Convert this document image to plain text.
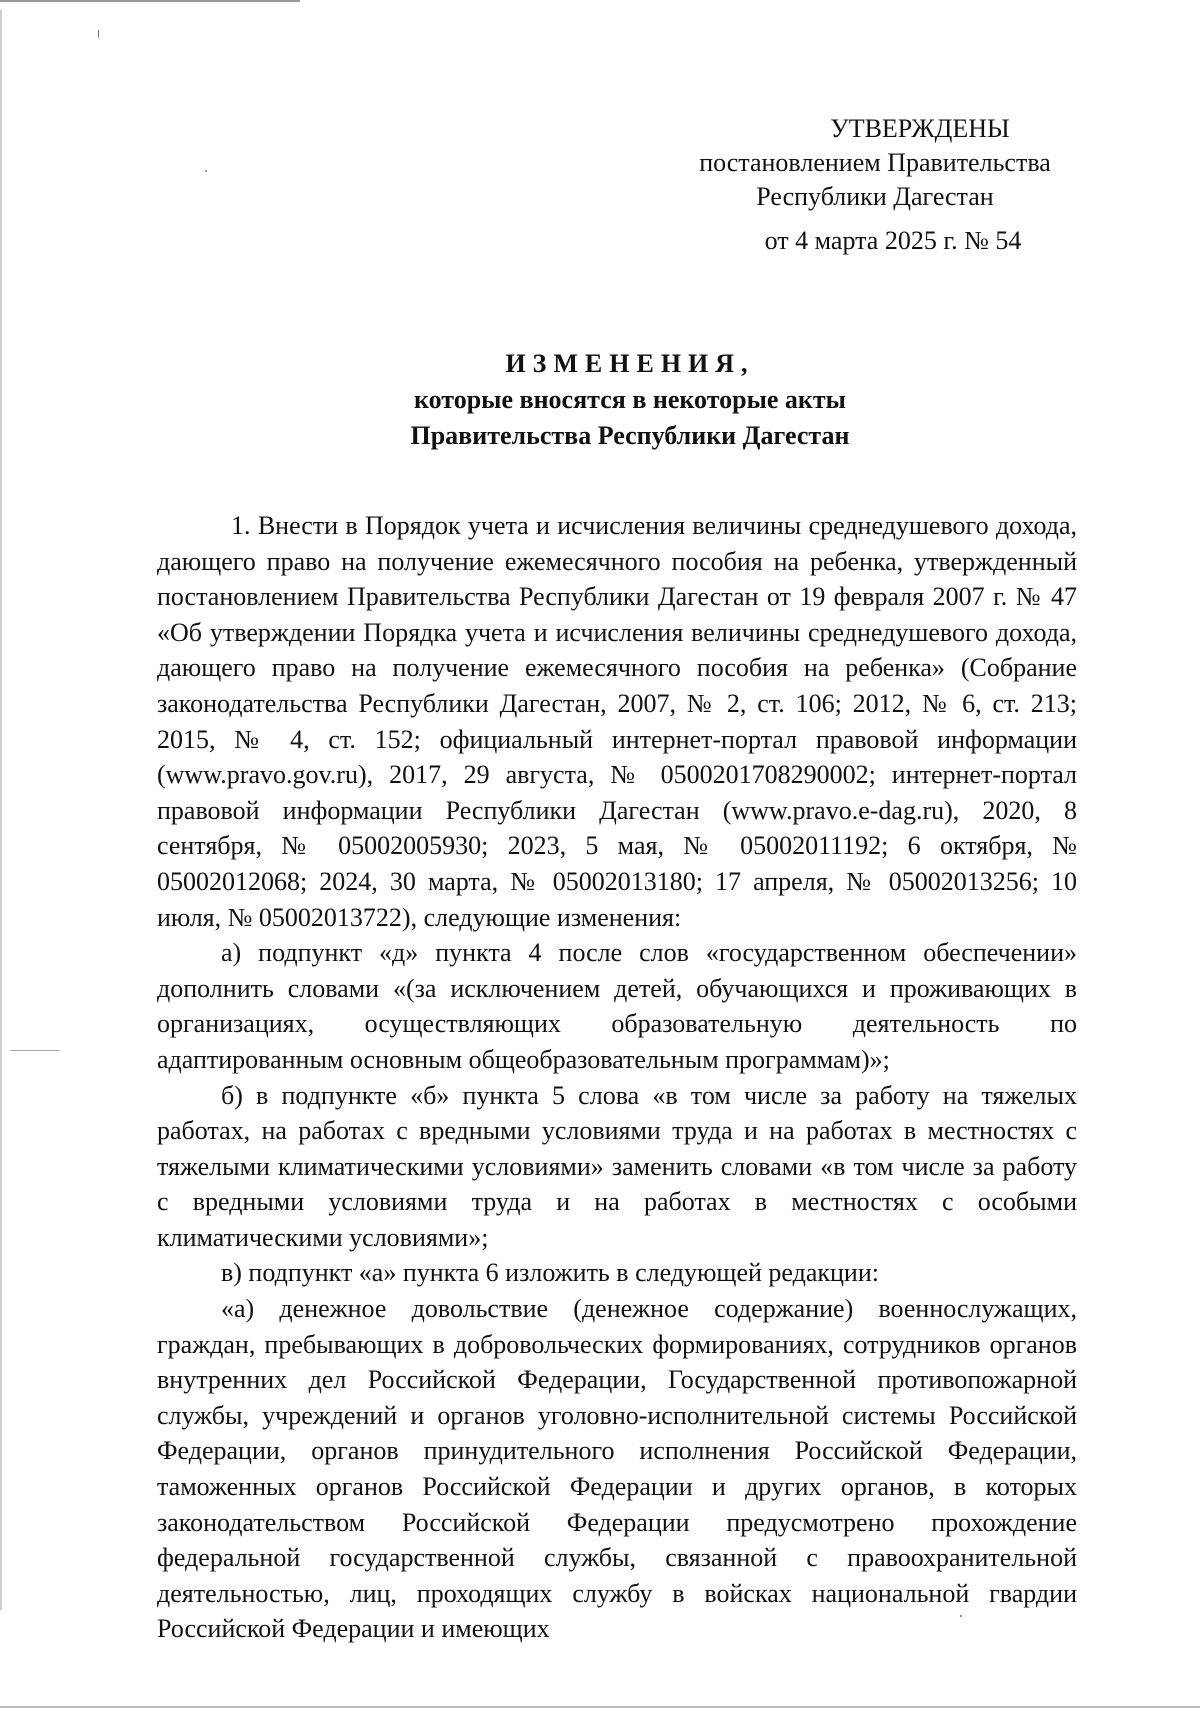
УТВЕРЖДЕНЫ
постановлением Правительства
Республики Дагестан
от 4 марта 2025 г. № 54
ИЗМЕНЕНИЯ,
которые вносятся в некоторые акты
Правительства Республики Дагестан

1. Внести в Порядок учета и исчисления величины среднедушевого дохода, дающего право на получение ежемесячного пособия на ребенка, утвержденный постановлением Правительства Республики Дагестан от 19 февраля 2007 г. № 47 «Об утверждении Порядка учета и исчисления величины среднедушевого дохода, дающего право на получение ежемесячного пособия на ребенка» (Собрание законодательства Республики Дагестан, 2007, № 2, ст. 106; 2012, № 6, ст. 213; 2015, № 4, ст. 152; официальный интернет-портал правовой информации (www.pravo.gov.ru), 2017, 29 августа, № 0500201708290002; интернет-портал правовой информации Республики Дагестан (www.pravo.e-dag.ru), 2020, 8 сентября, № 05002005930; 2023, 5 мая, № 05002011192; 6 октября, № 05002012068; 2024, 30 марта, № 05002013180; 17 апреля, № 05002013256; 10 июля, № 05002013722), следующие изменения:

а) подпункт «д» пункта 4 после слов «государственном обеспечении» дополнить словами «(за исключением детей, обучающихся и проживающих в организациях, осуществляющих образовательную деятельность по адаптированным основным общеобразовательным программам)»;

б) в подпункте «б» пункта 5 слова «в том числе за работу на тяжелых работах, на работах с вредными условиями труда и на работах в местностях с тяжелыми климатическими условиями» заменить словами «в том числе за работу с вредными условиями труда и на работах в местностях с особыми климатическими условиями»;

в) подпункт «а» пункта 6 изложить в следующей редакции:

«а) денежное довольствие (денежное содержание) военнослужащих, граждан, пребывающих в добровольческих формированиях, сотрудников органов внутренних дел Российской Федерации, Государственной противопожарной службы, учреждений и органов уголовно-исполнительной системы Российской Федерации, органов принудительного исполнения Российской Федерации, таможенных органов Российской Федерации и других органов, в которых законодательством Российской Федерации предусмотрено прохождение федеральной государственной службы, связанной с правоохранительной деятельностью, лиц, проходящих службу в войсках национальной гвардии Российской Федерации и имеющих
